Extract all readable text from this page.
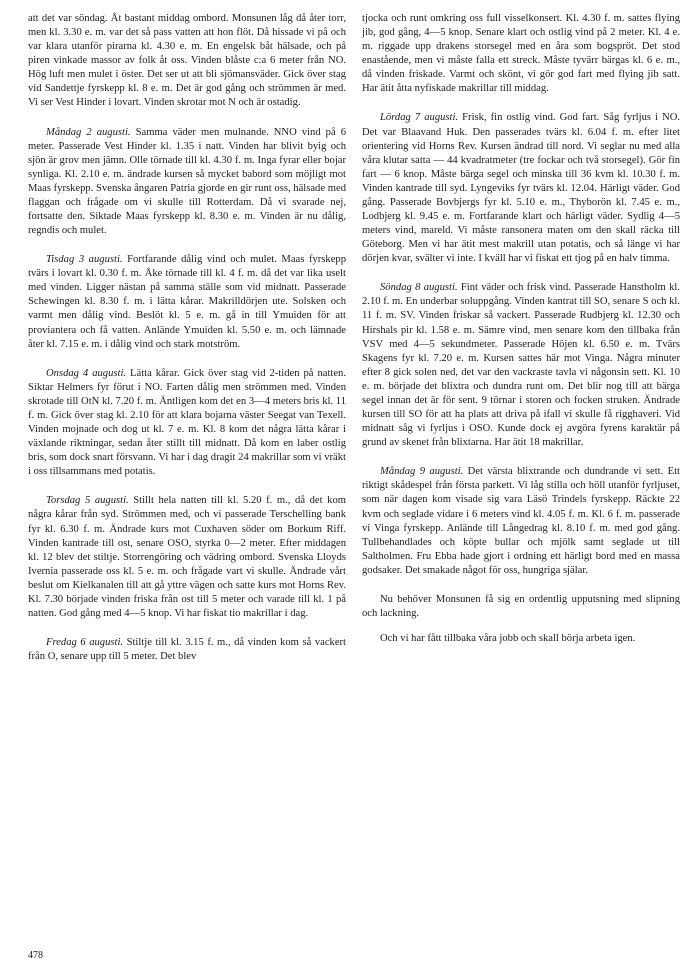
att det var söndag. Åt bastant middag ombord. Monsunen låg då åter torr, men kl. 3.30 e. m. var det så pass vatten att hon flöt. Då hissade vi på och var klara utanför pirarna kl. 4.30 e. m. En engelsk båt hälsade, och på piren vinkade massor av folk åt oss. Vinden blåste c:a 6 meter från NO. Hög luft men mulet i öster. Det ser ut att bli sjömansväder. Gick över stag vid Sandettje fyrskepp kl. 8 e. m. Det är god gång och strömmen är med. Vi ser Vest Hinder i lovart. Vinden skrotar mot N och är ostadig.

Måndag 2 augusti. Samma väder men mulnande. NNO vind på 6 meter. Passerade Vest Hinder kl. 1.35 i natt. Vinden har blivit byig och sjön är grov men jämn. Olle törnade till kl. 4.30 f. m. Inga fyrar eller bojar synliga. Kl. 2.10 e. m. ändrade kursen så mycket babord som möjligt mot Maas fyrskepp. Svenska ångaren Patria gjorde en gir runt oss, hälsade med flaggan och frågade om vi skulle till Rotterdam. Då vi svarade nej, fortsatte den. Siktade Maas fyrskepp kl. 8.30 e. m. Vinden är nu dålig, regndis och mulet.

Tisdag 3 augusti. Fortfarande dålig vind och mulet. Maas fyrskepp tvärs i lovart kl. 0.30 f. m. Åke törnade till kl. 4 f. m. då det var lika uselt med vinden. Ligger nästan på samma ställe som vid midnatt. Passerade Schewingen kl. 8.30 f. m. i lätta kårar. Makrilldörjen ute. Solsken och varmt men dålig vind. Beslöt kl. 5 e. m. gå in till Ymuiden för att proviantera och få vatten. Anlände Ymuiden kl. 5.50 e. m. och lämnade åter kl. 7.15 e. m. i dålig vind och stark motström.

Onsdag 4 augusti. Lätta kårar. Gick över stag vid 2-tiden på natten. Siktar Helmers fyr förut i NO. Farten dålig men strömmen med. Vinden skrotade till OtN kl. 7.20 f. m. Äntligen kom det en 3—4 meters bris kl. 11 f. m. Gick över stag kl. 2.10 för att klara bojarna väster Seegat van Texell. Vinden mojnade och dog ut kl. 7 e. m. Kl. 8 kom det några lätta kårar i växlande riktningar, sedan åter stillt till midnatt. Då kom en laber ostlig bris, som dock snart försvann. Vi har i dag dragit 24 makrillar som vi vräkt i oss tillsammans med potatis.

Torsdag 5 augusti. Stillt hela natten till kl. 5.20 f. m., då det kom några kårar från syd. Strömmen med, och vi passerade Terschelling bank fyr kl. 6.30 f. m. Ändrade kurs mot Cuxhaven söder om Borkum Riff. Vinden kantrade till ost, senare OSO, styrka 0—2 meter. Efter middagen kl. 12 blev det stiltje. Storrengöring och vädring ombord. Svenska Lloyds Ivernia passerade oss kl. 5 e. m. och frågade vart vi skulle. Ändrade vårt beslut om Kielkanalen till att gå yttre vägen och satte kurs mot Horns Rev. Kl. 7.30 började vinden friska från ost till 5 meter och varade till kl. 1 på natten. God gång med 4—5 knop. Vi har fiskat tio makrillar i dag.

Fredag 6 augusti. Stiltje till kl. 3.15 f. m., då vinden kom så vackert från O, senare upp till 5 meter. Det blev

tjocka och runt omkring oss full visselkonsert. Kl. 4.30 f. m. sattes flying jib, god gång, 4—5 knop. Senare klart och ostlig vind på 2 meter. Kl. 4 e. m. riggade upp drakens storsegel med en åra som bogspröt. Det stod enastående, men vi måste falla ett streck. Måste tyvärr bärgas kl. 6 e. m., då vinden friskade. Varmt och skönt, vi gör god fart med flying jib satt. Har ätit åtta nyfiskade makrillar till middag.

Lördag 7 augusti. Frisk, fin ostlig vind. God fart. Såg fyrljus i NO. Det var Blaavand Huk. Den passerades tvärs kl. 6.04 f. m. efter litet orientering vid Horns Rev. Kursen ändrad till nord. Vi seglar nu med alla våra klutar satta — 44 kvadratmeter (tre fockar och två storsegel). Gör fin fart — 6 knop. Måste bärga segel och minska till 36 kvm kl. 10.30 f. m. Vinden kantrade till syd. Lyngeviks fyr tvärs kl. 12.04. Härligt väder. God gång. Passerade Bovbjergs fyr kl. 5.10 e. m., Thyborön kl. 7.45 e. m., Lodbjerg kl. 9.45 e. m. Fortfarande klart och härligt väder. Sydlig 4—5 meters vind, mareld. Vi måste ransonera maten om den skall räcka till Göteborg. Men vi har ätit mest makrill utan potatis, och så länge vi har dörjen kvar, svälter vi inte. I kväll har vi fiskat ett tjog på en halv timma.

Söndag 8 augusti. Fint väder och frisk vind. Passerade Hanstholm kl. 2.10 f. m. En underbar soluppgång. Vinden kantrat till SO, senare S och kl. 11 f. m. SV. Vinden friskar så vackert. Passerade Rudbjerg kl. 12.30 och Hirshals pir kl. 1.58 e. m. Sämre vind, men senare kom den tillbaka från VSV med 4—5 sekundmeter. Passerade Höjen kl. 6.50 e. m. Tvärs Skagens fyr kl. 7.20 e. m. Kursen sattes här mot Vinga. Några minuter efter 8 gick solen ned, det var den vackraste tavla vi någonsin sett. Kl. 10 e. m. började det blixtra och dundra runt om. Det blir nog till att bärga segel innan det är för sent. 9 törnar i storen och focken struken. Ändrade kursen till SO för att ha plats att driva på ifall vi skulle få rigghaveri. Vid midnatt såg vi fyrljus i OSO. Kunde dock ej avgöra fyrens karaktär på grund av skenet från blixtarna. Har ätit 18 makrillar.

Måndag 9 augusti. Det värsta blixtrande och dundrande vi sett. Ett riktigt skådespel från första parkett. Vi låg stilla och höll utanför fyrljuset, som när dagen kom visade sig vara Läsö Trindels fyrskepp. Räckte 22 kvm och seglade vidare i 6 meters vind kl. 4.05 f. m. Kl. 6 f. m. passerade vi Vinga fyrskepp. Anlände till Långedrag kl. 8.10 f. m. med god gång. Tullbehandlades och köpte bullar och mjölk samt seglade ut till Saltholmen. Fru Ebba hade gjort i ordning ett härligt bord med en massa godsaker. Det smakade något för oss, hungriga själar.

Nu behöver Monsunen få sig en ordentlig upputsning med slipning och lackning.

Och vi har fått tillbaka våra jobb och skall börja arbeta igen.

478
